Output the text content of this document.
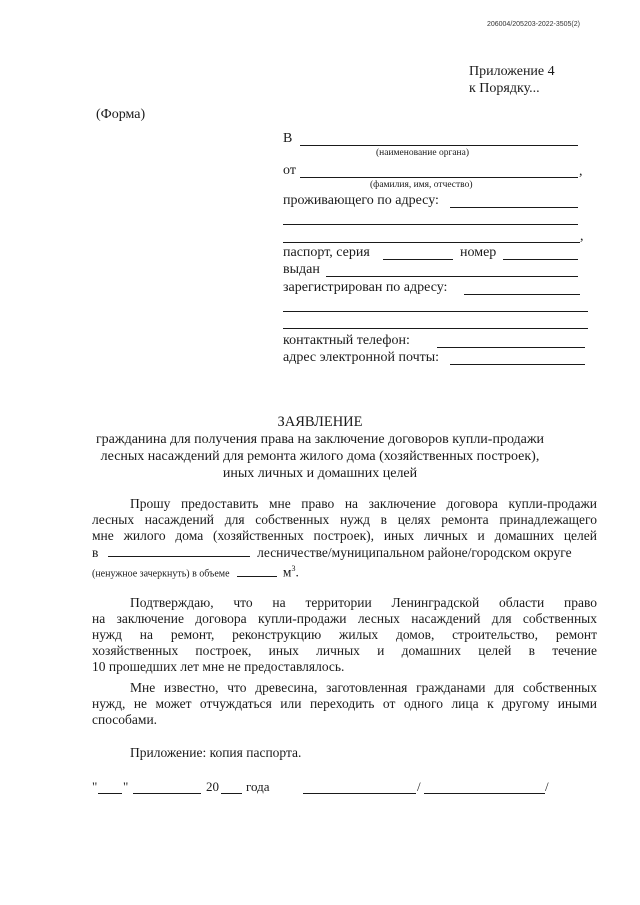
206004/205203-2022-3505(2)
Приложение 4
к Порядку...
(Форма)
В
(наименование органа)
от	,
(фамилия, имя, отчество)
проживающего по адресу:
,
паспорт, серия	номер
выдан
зарегистрирован по адресу:
контактный телефон:
адрес электронной почты:
ЗАЯВЛЕНИЕ
гражданина для получения права на заключение договоров купли-продажи
лесных насаждений для ремонта жилого дома (хозяйственных построек),
иных личных и домашних целей
Прошу предоставить мне право на заключение договора купли-продажи
лесных насаждений для собственных нужд в целях ремонта принадлежащего
мне жилого дома (хозяйственных построек), иных личных и домашних целей
в	лесничестве/муниципальном районе/городском округе
(ненужное зачеркнуть) в объеме	$м^3$.
Подтверждаю, что на территории Ленинградской области право
на заключение договора купли-продажи лесных насаждений для собственных
нужд на ремонт, реконструкцию жилых домов, строительство, ремонт
хозяйственных построек, иных личных и домашних целей в течение
10 прошедших лет мне не предоставлялось.
Мне известно, что древесина, заготовленная гражданами для собственных
нужд, не может отчуждаться или переходить от одного лица к другому иными
способами.
Приложение: копия паспорта.
" "	20 года	/	/
